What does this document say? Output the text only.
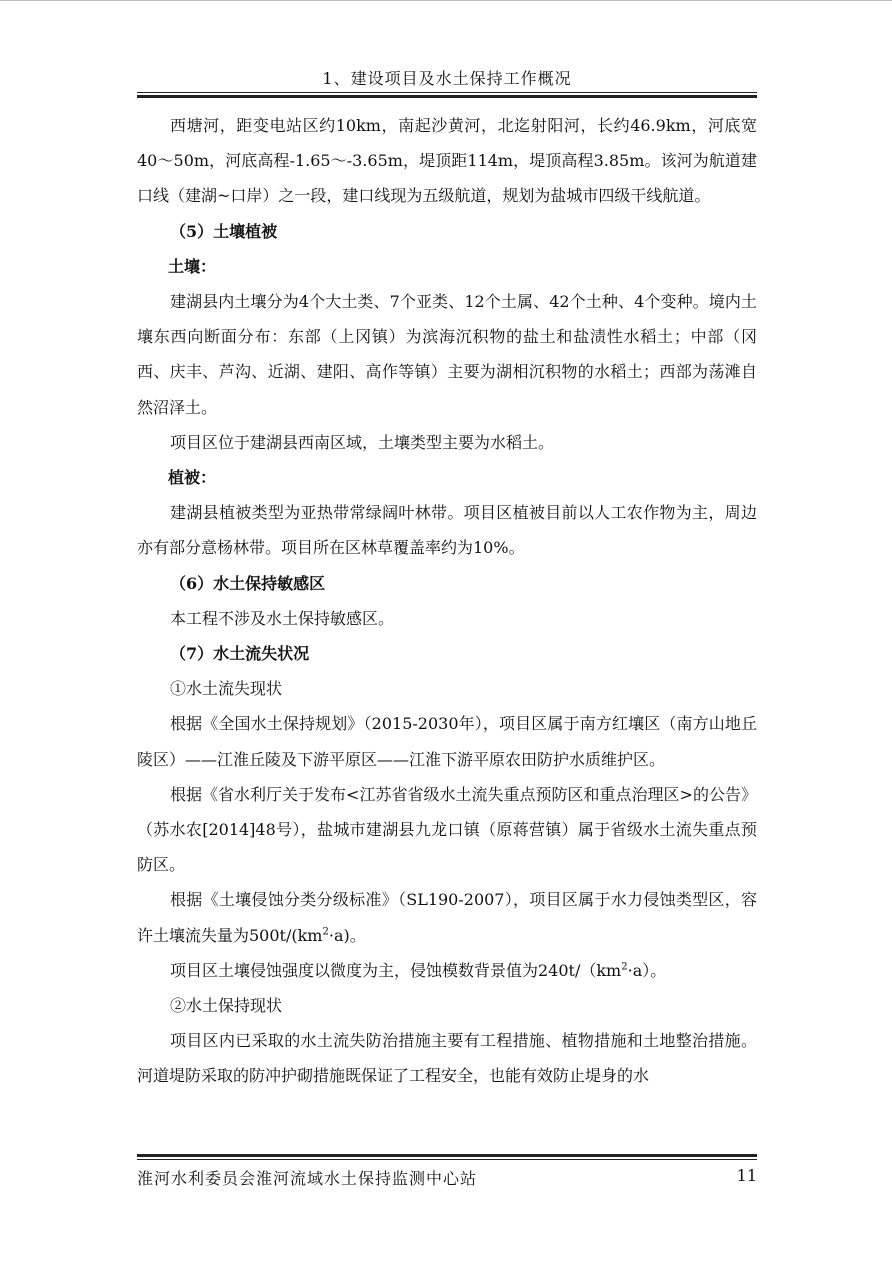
1、建设项目及水土保持工作概况

西塘河，距变电站区约10km，南起沙黄河，北迄射阳河，长约46.9km，河底宽40～50m，河底高程-1.65～-3.65m，堤顶距114m，堤顶高程3.85m。该河为航道建口线（建湖~口岸）之一段，建口线现为五级航道，规划为盐城市四级干线航道。

（5）土壤植被

土壤：

建湖县内土壤分为4个大土类、7个亚类、12个土属、42个土种、4个变种。境内土壤东西向断面分布：东部（上冈镇）为滨海沉积物的盐土和盐渍性水稻土；中部（冈西、庆丰、芦沟、近湖、建阳、高作等镇）主要为湖相沉积物的水稻土；西部为荡滩自然沼泽土。

项目区位于建湖县西南区域，土壤类型主要为水稻土。

植被：

建湖县植被类型为亚热带常绿阔叶林带。项目区植被目前以人工农作物为主，周边亦有部分意杨林带。项目所在区林草覆盖率约为10%。

（6）水土保持敏感区

本工程不涉及水土保持敏感区。

（7）水土流失状况

①水土流失现状

根据《全国水土保持规划》（2015-2030年），项目区属于南方红壤区（南方山地丘陵区）——江淮丘陵及下游平原区——江淮下游平原农田防护水质维护区。

根据《省水利厅关于发布<江苏省省级水土流失重点预防区和重点治理区>的公告》（苏水农[2014]48号），盐城市建湖县九龙口镇（原蒋营镇）属于省级水土流失重点预防区。

根据《土壤侵蚀分类分级标准》（SL190-2007），项目区属于水力侵蚀类型区，容许土壤流失量为$500t/(km^2\cdot a)$。

项目区土壤侵蚀强度以微度为主，侵蚀模数背景值为$240t/(km^2\cdot a)$。

②水土保持现状

项目区内已采取的水土流失防治措施主要有工程措施、植物措施和土地整治措施。河道堤防采取的防冲护砌措施既保证了工程安全，也能有效防止堤身的水

淮河水利委员会淮河流域水土保持监测中心站	11
